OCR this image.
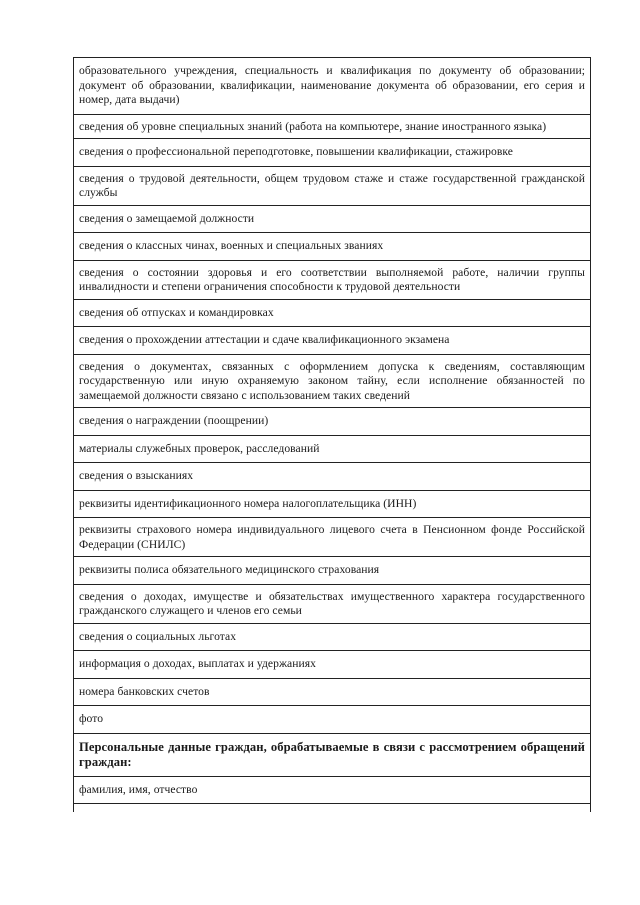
образовательного учреждения, специальность и квалификация по документу об образовании; документ об образовании, квалификации, наименование документа об образовании, его серия и номер, дата выдачи)
сведения об уровне специальных знаний (работа на компьютере, знание иностранного языка)
сведения о профессиональной переподготовке, повышении квалификации, стажировке
сведения о трудовой деятельности, общем трудовом стаже и стаже государственной гражданской службы
сведения о замещаемой должности
сведения о классных чинах, военных и специальных званиях
сведения о состоянии здоровья и его соответствии выполняемой работе, наличии группы инвалидности и степени ограничения способности к трудовой деятельности
сведения об отпусках и командировках
сведения о прохождении аттестации и сдаче квалификационного экзамена
сведения о документах, связанных с оформлением допуска к сведениям, составляющим государственную или иную охраняемую законом тайну, если исполнение обязанностей по замещаемой должности связано с использованием таких сведений
сведения о награждении (поощрении)
материалы служебных проверок, расследований
сведения о взысканиях
реквизиты идентификационного номера налогоплательщика (ИНН)
реквизиты страхового номера индивидуального лицевого счета в Пенсионном фонде Российской Федерации (СНИЛС)
реквизиты полиса обязательного медицинского страхования
сведения о доходах, имуществе и обязательствах имущественного характера государственного гражданского служащего и членов его семьи
сведения о социальных льготах
информация о доходах, выплатах и удержаниях
номера банковских счетов
фото
Персональные данные граждан, обрабатываемые в связи с рассмотрением обращений граждан:
фамилия, имя, отчество
